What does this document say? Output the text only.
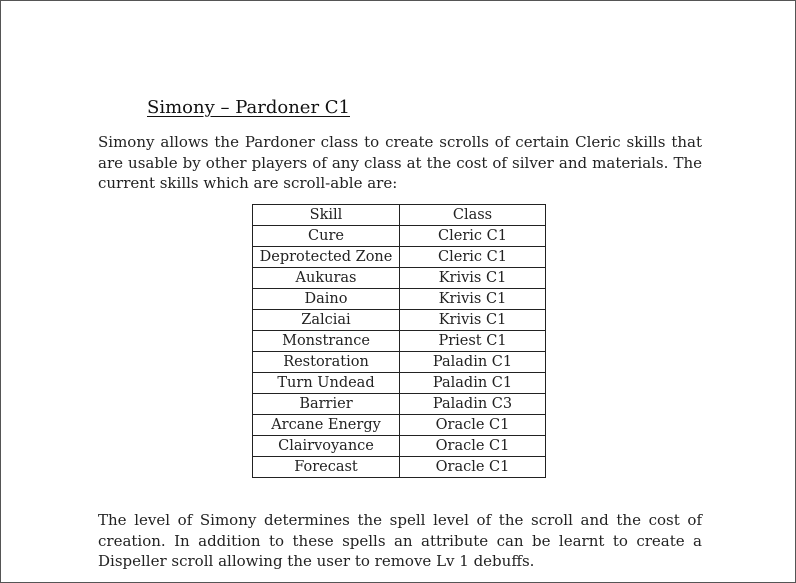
Simony – Pardoner C1
Simony allows the Pardoner class to create scrolls of certain Cleric skills that are usable by other players of any class at the cost of silver and materials. The current skills which are scroll-able are:
Skill	Class
Cure	Cleric C1
Deprotected Zone	Cleric C1
Aukuras	Krivis C1
Daino	Krivis C1
Zalciai	Krivis C1
Monstrance	Priest C1
Restoration	Paladin C1
Turn Undead	Paladin C1
Barrier	Paladin C3
Arcane Energy	Oracle C1
Clairvoyance	Oracle C1
Forecast	Oracle C1
The level of Simony determines the spell level of the scroll and the cost of creation. In addition to these spells an attribute can be learnt to create a Dispeller scroll allowing the user to remove Lv 1 debuffs.
